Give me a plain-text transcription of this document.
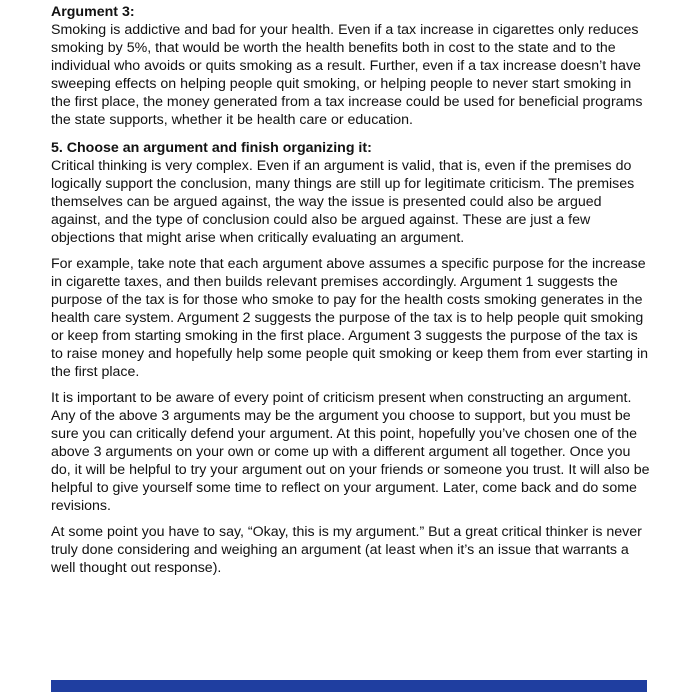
Argument 3:

Smoking is addictive and bad for your health. Even if a tax increase in cigarettes only reduces smoking by 5%, that would be worth the health benefits both in cost to the state and to the individual who avoids or quits smoking as a result. Further, even if a tax increase doesn’t have sweeping effects on helping people quit smoking, or helping people to never start smoking in the first place, the money generated from a tax increase could be used for beneficial programs the state supports, whether it be health care or education.

5. Choose an argument and finish organizing it:

Critical thinking is very complex. Even if an argument is valid, that is, even if the premises do logically support the conclusion, many things are still up for legitimate criticism. The premises themselves can be argued against, the way the issue is presented could also be argued against, and the type of conclusion could also be argued against. These are just a few objections that might arise when critically evaluating an argument.

For example, take note that each argument above assumes a specific purpose for the increase in cigarette taxes, and then builds relevant premises accordingly. Argument 1 suggests the purpose of the tax is for those who smoke to pay for the health costs smoking generates in the health care system. Argument 2 suggests the purpose of the tax is to help people quit smoking or keep from starting smoking in the first place. Argument 3 suggests the purpose of the tax is to raise money and hopefully help some people quit smoking or keep them from ever starting in the first place.

It is important to be aware of every point of criticism present when constructing an argument. Any of the above 3 arguments may be the argument you choose to support, but you must be sure you can critically defend your argument. At this point, hopefully you’ve chosen one of the above 3 arguments on your own or come up with a different argument all together. Once you do, it will be helpful to try your argument out on your friends or someone you trust. It will also be helpful to give yourself some time to reflect on your argument. Later, come back and do some revisions.

At some point you have to say, “Okay, this is my argument.” But a great critical thinker is never truly done considering and weighing an argument (at least when it’s an issue that warrants a well thought out response).
